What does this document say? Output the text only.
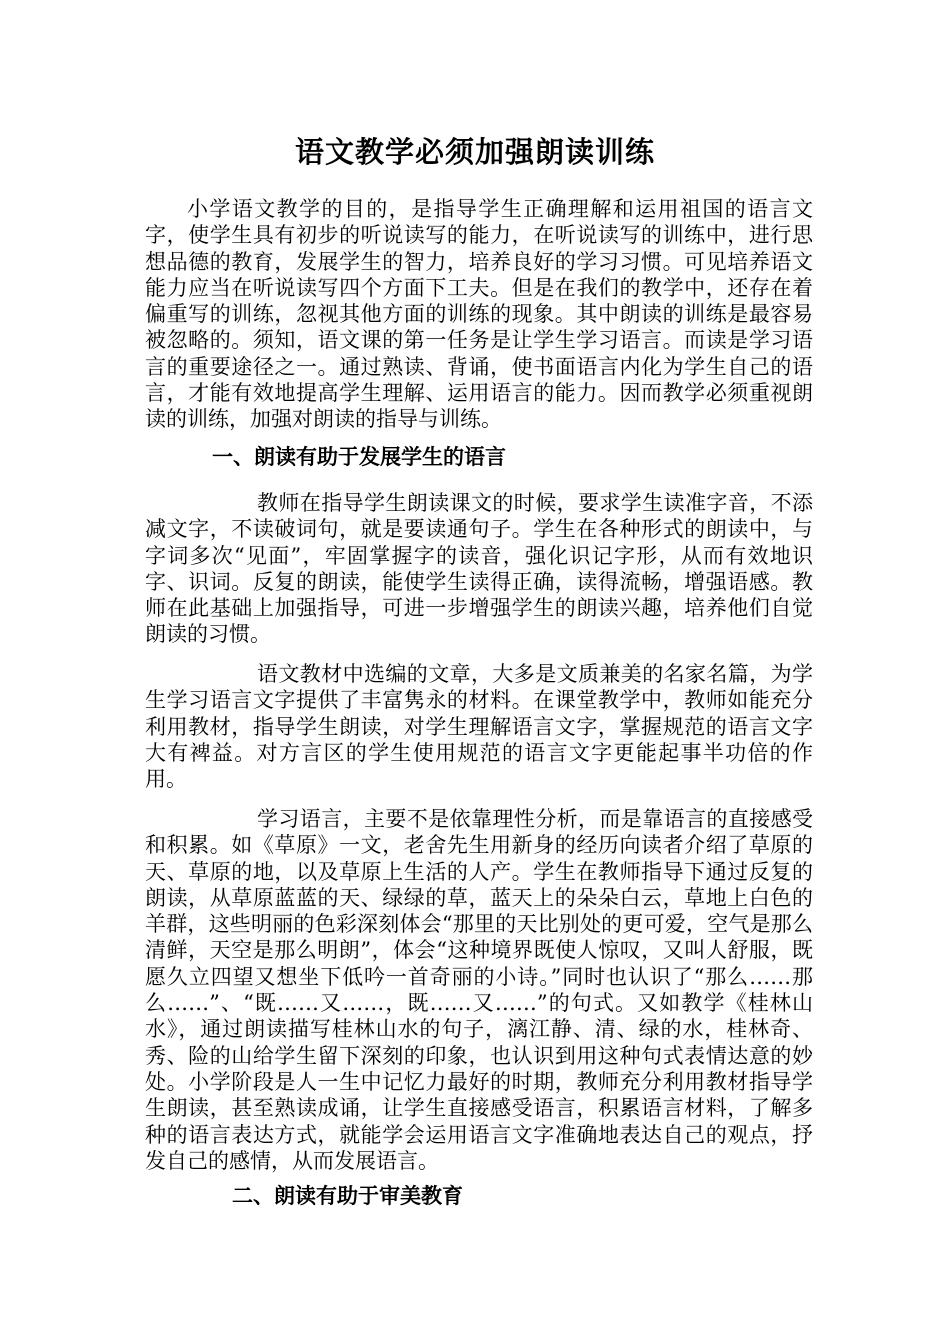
语文教学必须加强朗读训练

小学语文教学的目的，是指导学生正确理解和运用祖国的语言文字，使学生具有初步的听说读写的能力，在听说读写的训练中，进行思想品德的教育，发展学生的智力，培养良好的学习习惯。可见培养语文能力应当在听说读写四个方面下工夫。但是在我们的教学中，还存在着偏重写的训练，忽视其他方面的训练的现象。其中朗读的训练是最容易被忽略的。须知，语文课的第一任务是让学生学习语言。而读是学习语言的重要途径之一。通过熟读、背诵，使书面语言内化为学生自己的语言，才能有效地提高学生理解、运用语言的能力。因而教学必须重视朗读的训练，加强对朗读的指导与训练。

一、朗读有助于发展学生的语言

教师在指导学生朗读课文的时候，要求学生读准字音，不添减文字，不读破词句，就是要读通句子。学生在各种形式的朗读中，与字词多次“见面”，牢固掌握字的读音，强化识记字形，从而有效地识字、识词。反复的朗读，能使学生读得正确，读得流畅，增强语感。教师在此基础上加强指导，可进一步增强学生的朗读兴趣，培养他们自觉朗读的习惯。

语文教材中选编的文章，大多是文质兼美的名家名篇，为学生学习语言文字提供了丰富隽永的材料。在课堂教学中，教师如能充分利用教材，指导学生朗读，对学生理解语言文字，掌握规范的语言文字大有裨益。对方言区的学生使用规范的语言文字更能起事半功倍的作用。

学习语言，主要不是依靠理性分析，而是靠语言的直接感受和积累。如《草原》一文，老舍先生用新身的经历向读者介绍了草原的天、草原的地，以及草原上生活的人产。学生在教师指导下通过反复的朗读，从草原蓝蓝的天、绿绿的草，蓝天上的朵朵白云，草地上白色的羊群，这些明丽的色彩深刻体会“那里的天比别处的更可爱，空气是那么清鲜，天空是那么明朗”，体会“这种境界既使人惊叹，又叫人舒服，既愿久立四望又想坐下低吟一首奇丽的小诗。”同时也认识了“那么……那么……”、“既……又……，既……又……”的句式。又如教学《桂林山水》，通过朗读描写桂林山水的句子，漓江静、清、绿的水，桂林奇、秀、险的山给学生留下深刻的印象，也认识到用这种句式表情达意的妙处。小学阶段是人一生中记忆力最好的时期，教师充分利用教材指导学生朗读，甚至熟读成诵，让学生直接感受语言，积累语言材料，了解多种的语言表达方式，就能学会运用语言文字准确地表达自己的观点，抒发自己的感情，从而发展语言。

二、朗读有助于审美教育
